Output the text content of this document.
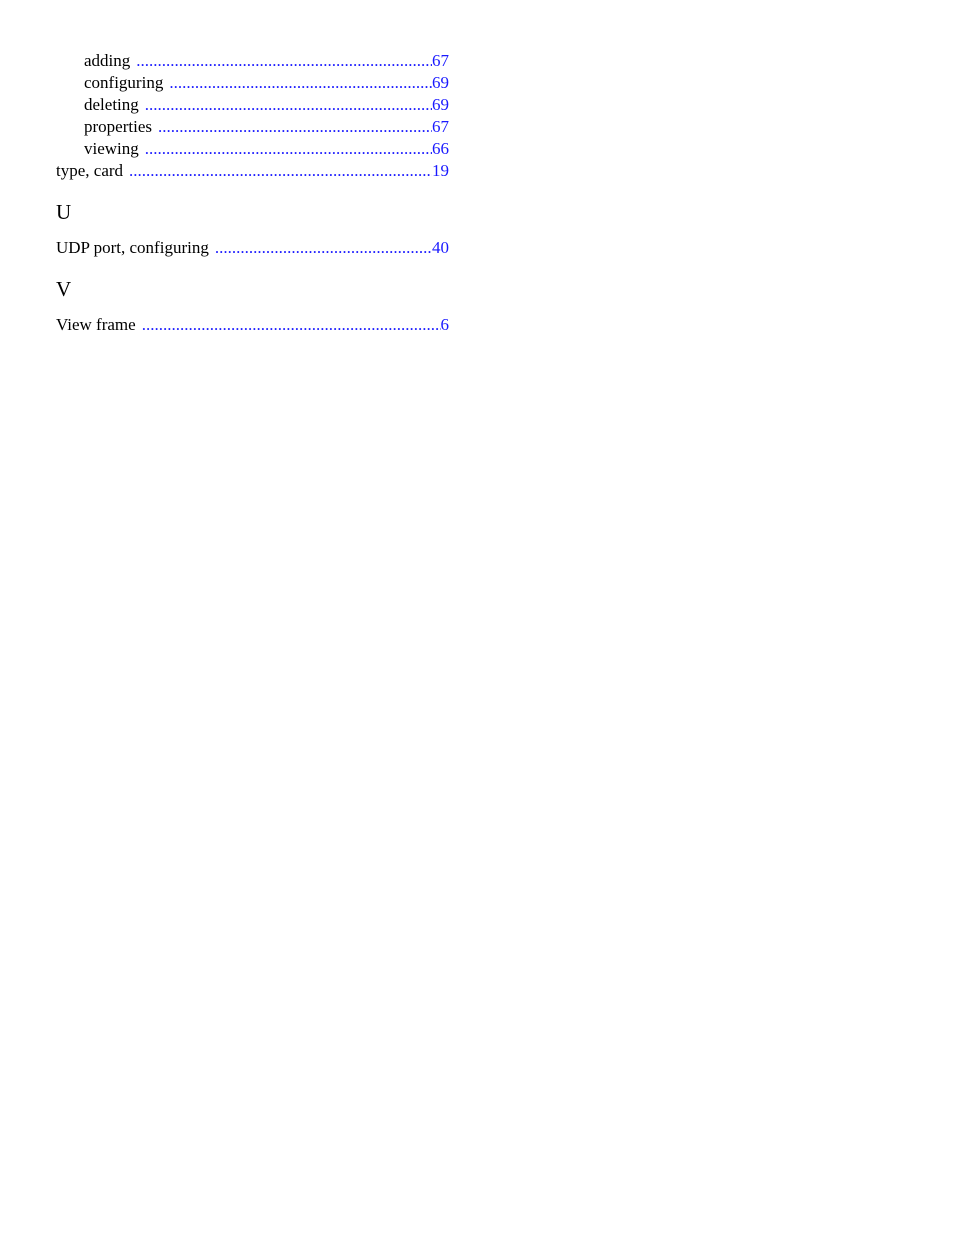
adding .....	67
configuring .....	69
deleting .....	69
properties .....	67
viewing .....	66
type, card .....	19
U
UDP port, configuring .....	40
V
View frame .....	6
